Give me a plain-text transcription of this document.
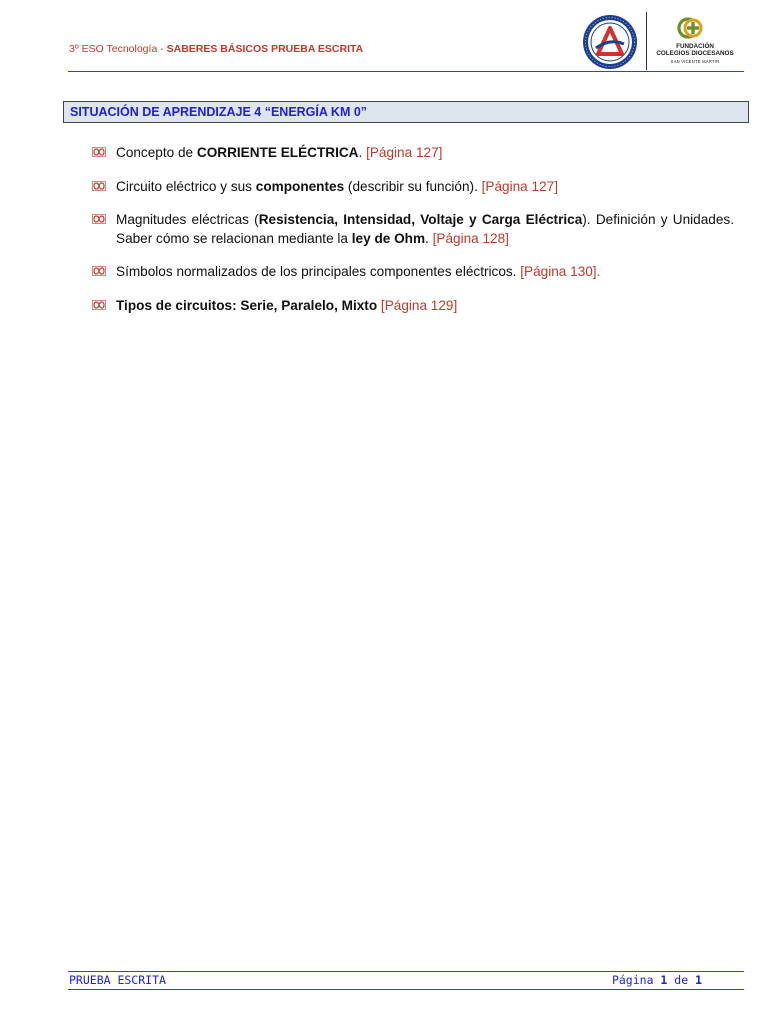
3º ESO Tecnología - SABERES BÁSICOS PRUEBA ESCRITA	FUNDACIÓN
COLEGIOS DIOCESANOS
SAN VICENTE MÁRTIR
SITUACIÓN DE APRENDIZAJE 4 “ENERGÍA KM 0”
Concepto de CORRIENTE ELÉCTRICA. [Página 127]
Circuito eléctrico y sus componentes (describir su función). [Página 127]
Magnitudes eléctricas (Resistencia, Intensidad, Voltaje y Carga Eléctrica). Definición y Unidades. Saber cómo se relacionan mediante la ley de Ohm. [Página 128]
Símbolos normalizados de los principales componentes eléctricos. [Página 130].
Tipos de circuitos: Serie, Paralelo, Mixto [Página 129]
PRUEBA ESCRITA	Página 1 de 1
